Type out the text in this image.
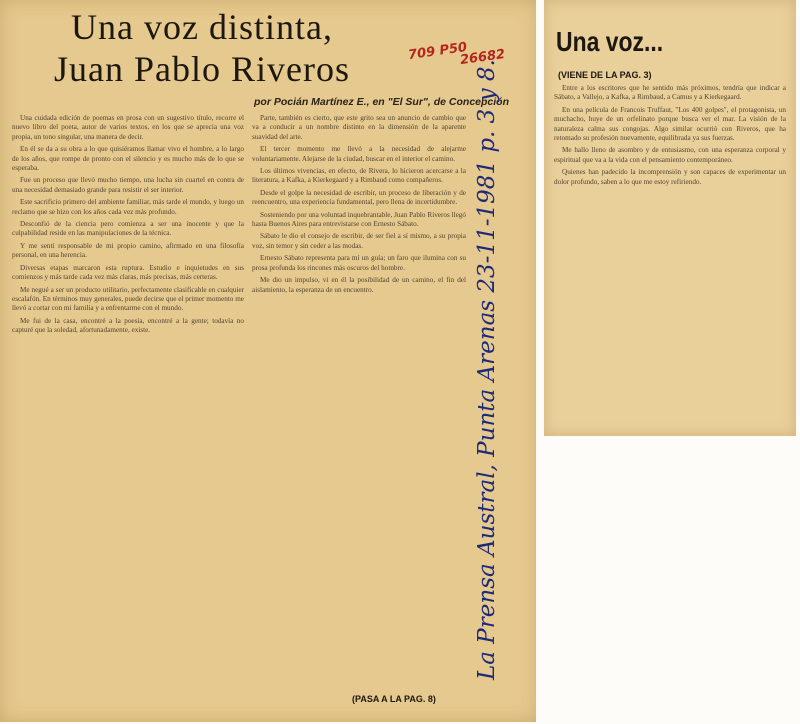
Una voz distinta,
Juan Pablo Riveros	709 P50
26682
por Pocián Martínez E., en "El Sur", de Concepción

Una cuidada edición de poemas en prosa con un sugestivo título, recorre el nuevo libro del poeta, autor de varios textos, en los que se aprecia una voz propia, un tono singular, una manera de decir.

En él se da a su obra a lo que quisiéramos llamar vivo el hombre, a lo largo de los años, que rompe de pronto con el silencio y es mucho más de lo que se esperaba.

Fue un proceso que llevó mucho tiempo, una lucha sin cuartel en contra de una necesidad demasiado grande para resistir el ser interior.

Este sacrificio primero del ambiente familiar, más tarde el mundo, y luego un reclamo que se hizo con los años cada vez más profundo.

Desconfió de la ciencia pero comienza a ser una inocente y que la culpabilidad reside en las manipulaciones de la técnica.

Y me sentí responsable de mi propio camino, afirmado en una filosofía personal, en una herencia.

Diversas etapas marcaron esta ruptura. Estudio e inquietudes en sus comienzos y más tarde cada vez más claras, más precisas, más certeras.

Me negué a ser un producto utilitario, perfectamente clasificable en cualquier escalafón. En términos muy generales, puede decirse que el primer momento me llevó a cortar con mi familia y a enfrentarme con el mundo.

Me fui de la casa, encontré a la poesía, encontré a la gente; todavía no capturé que la soledad, afortunadamente, existe.

Parte, también es cierto, que este grito sea un anuncio de cambio que va a conducir a un nombre distinto en la dimensión de la aparente suavidad del arte.

El tercer momento me llevó a la necesidad de alejarme voluntariamente. Alejarse de la ciudad, buscar en el interior el camino.

Los últimos vivencias, en efecto, de Rivera, lo hicieron acercarse a la literatura, a Kafka, a Kierkegaard y a Rimbaud como compañeros.

Desde el golpe la necesidad de escribir, un proceso de liberación y de reencuentro, una experiencia fundamental, pero llena de incertidumbre.

Sosteniendo por una voluntad inquebrantable, Juan Pablo Riveros llegó hasta Buenos Aires para entrevistarse con Ernesto Sábato.

Sábato le dio el consejo de escribir, de ser fiel a sí mismo, a su propia voz, sin temor y sin ceder a las modas.

Ernesto Sábato representa para mí un guía; un faro que ilumina con su prosa profunda los rincones más oscuros del hombre.

Me dio un impulso, vi en él la posibilidad de un camino, el fin del aislamiento, la esperanza de un encuentro.

(PASA A LA PAG. 8)
La Prensa Austral, Punta Arenas 23-11-1981 p. 3 y 8.
Una voz...
(VIENE DE LA PAG. 3)

Entre a los escritores que he sentido más próximos, tendría que indicar a Sábato, a Vallejo, a Kafka, a Rimbaud, a Camus y a Kierkegaard.

En una película de Francois Truffaut, "Los 400 golpes", el protagonista, un muchacho, huye de un orfelinato porque busca ver el mar. La visión de la naturaleza calma sus congojas. Algo similar ocurrió con Riveros, que ha retomado su profesión nuevamente, equilibrada ya sus fuerzas.

Me hallo lleno de asombro y de entusiasmo, con una esperanza corporal y espiritual que va a la vida con el pensamiento contemporáneo.

Quienes han padecido la incomprensión y son capaces de experimentar un dolor profundo, saben a lo que me estoy refiriendo.
